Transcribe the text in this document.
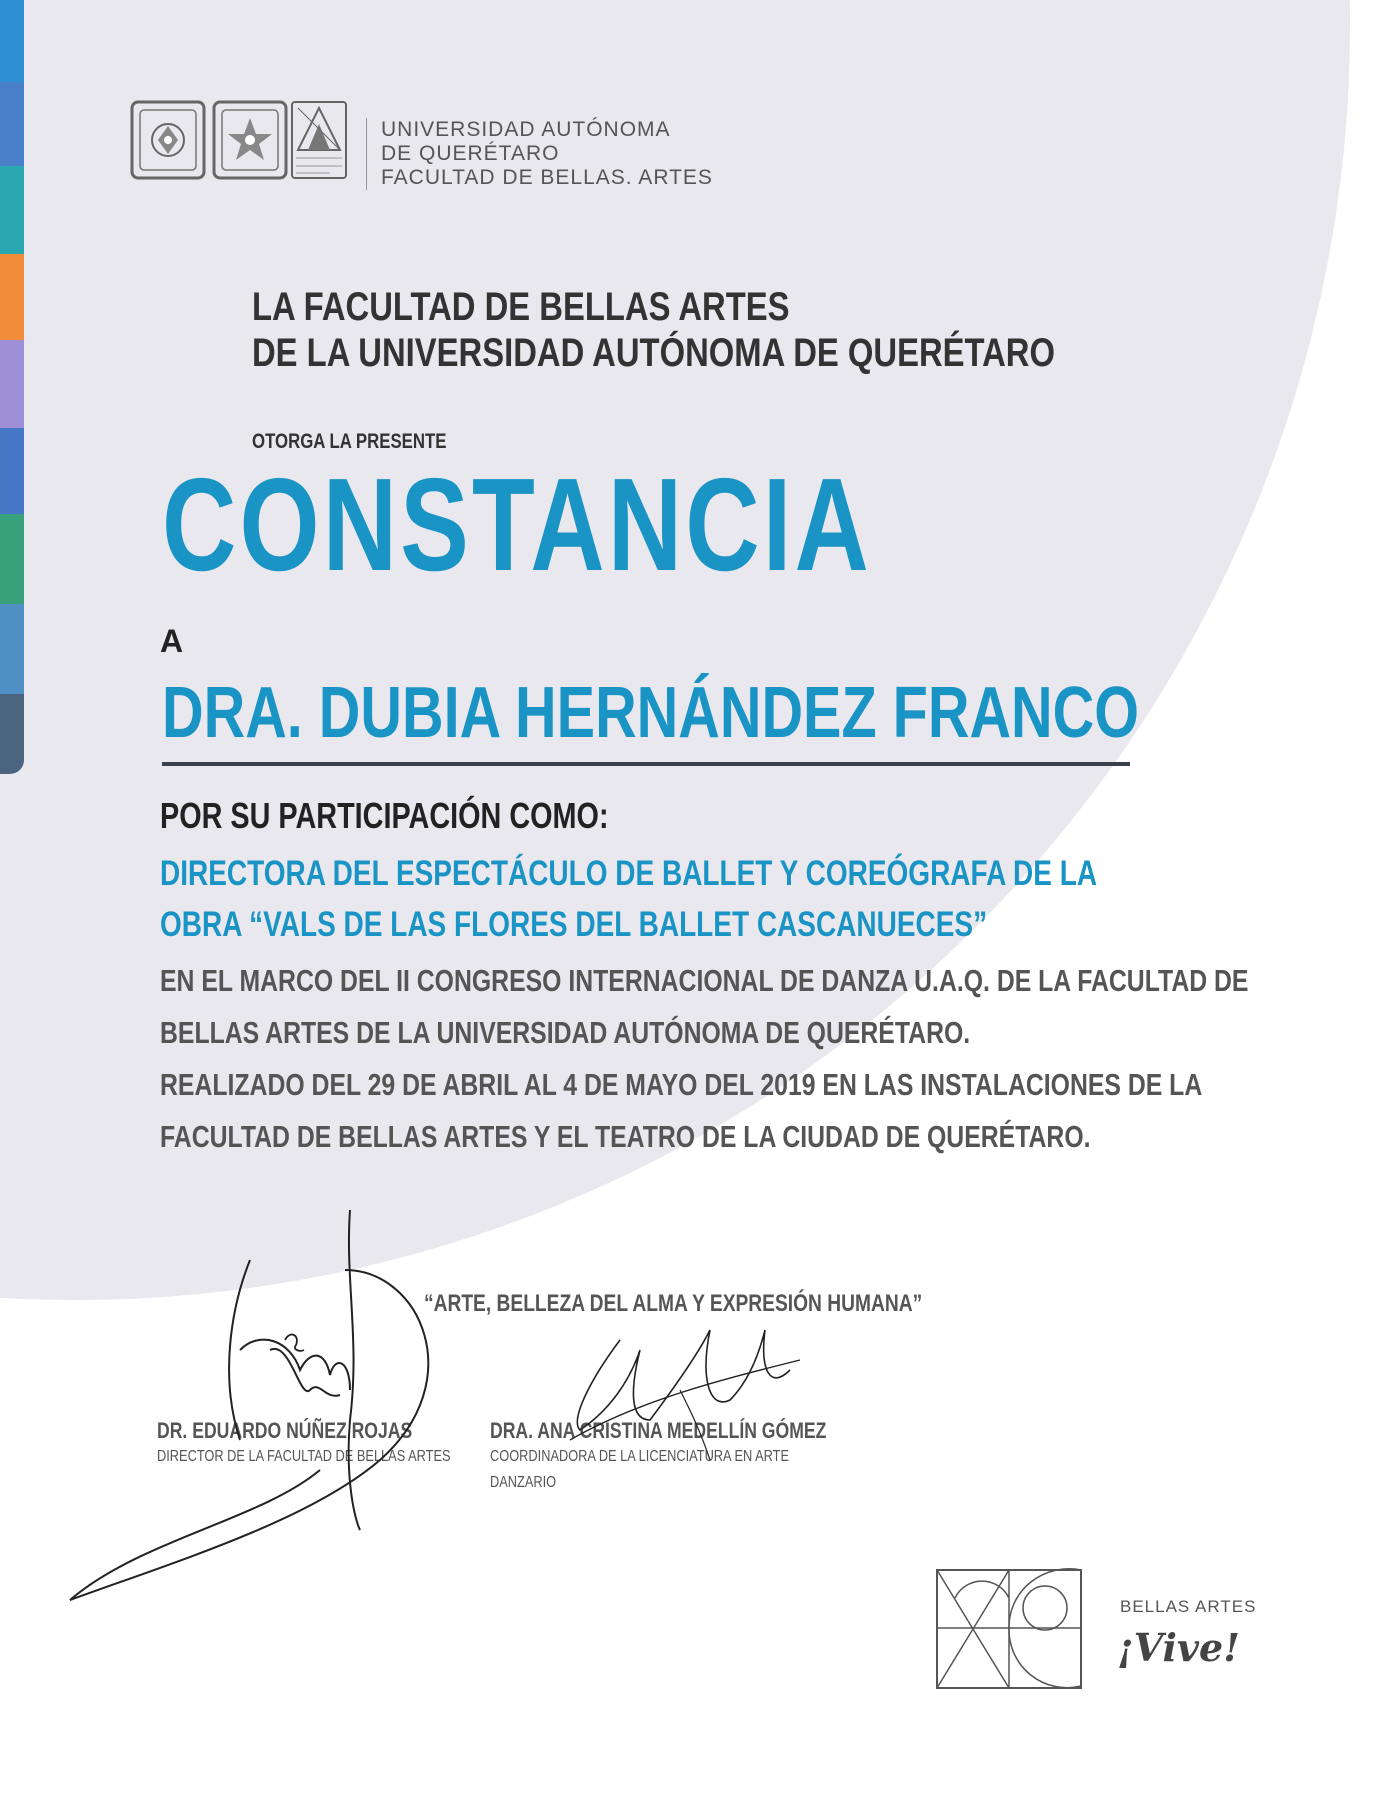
UNIVERSIDAD AUTÓNOMA
DE QUERÉTARO
FACULTAD DE BELLAS. ARTES
LA FACULTAD DE BELLAS ARTES
DE LA UNIVERSIDAD AUTÓNOMA DE QUERÉTARO
OTORGA LA PRESENTE
CONSTANCIA
A
DRA. DUBIA HERNÁNDEZ FRANCO
POR SU PARTICIPACIÓN COMO:
DIRECTORA DEL ESPECTÁCULO DE BALLET Y COREÓGRAFA DE LA
OBRA “VALS DE LAS FLORES DEL BALLET CASCANUECES”
EN EL MARCO DEL II CONGRESO INTERNACIONAL DE DANZA U.A.Q. DE LA FACULTAD DE
BELLAS ARTES DE LA UNIVERSIDAD AUTÓNOMA DE QUERÉTARO.
REALIZADO DEL 29 DE ABRIL AL 4 DE MAYO DEL 2019 EN LAS INSTALACIONES DE LA
FACULTAD DE BELLAS ARTES Y EL TEATRO DE LA CIUDAD DE QUERÉTARO.
“ARTE, BELLEZA DEL ALMA Y EXPRESIÓN HUMANA”
DR. EDUARDO NÚÑEZ ROJAS
DIRECTOR DE LA FACULTAD DE BELLAS ARTES
DRA. ANA CRISTINA MEDELLÍN GÓMEZ
COORDINADORA DE LA LICENCIATURA EN ARTE
DANZARIO
BELLAS ARTES
¡Vive!
